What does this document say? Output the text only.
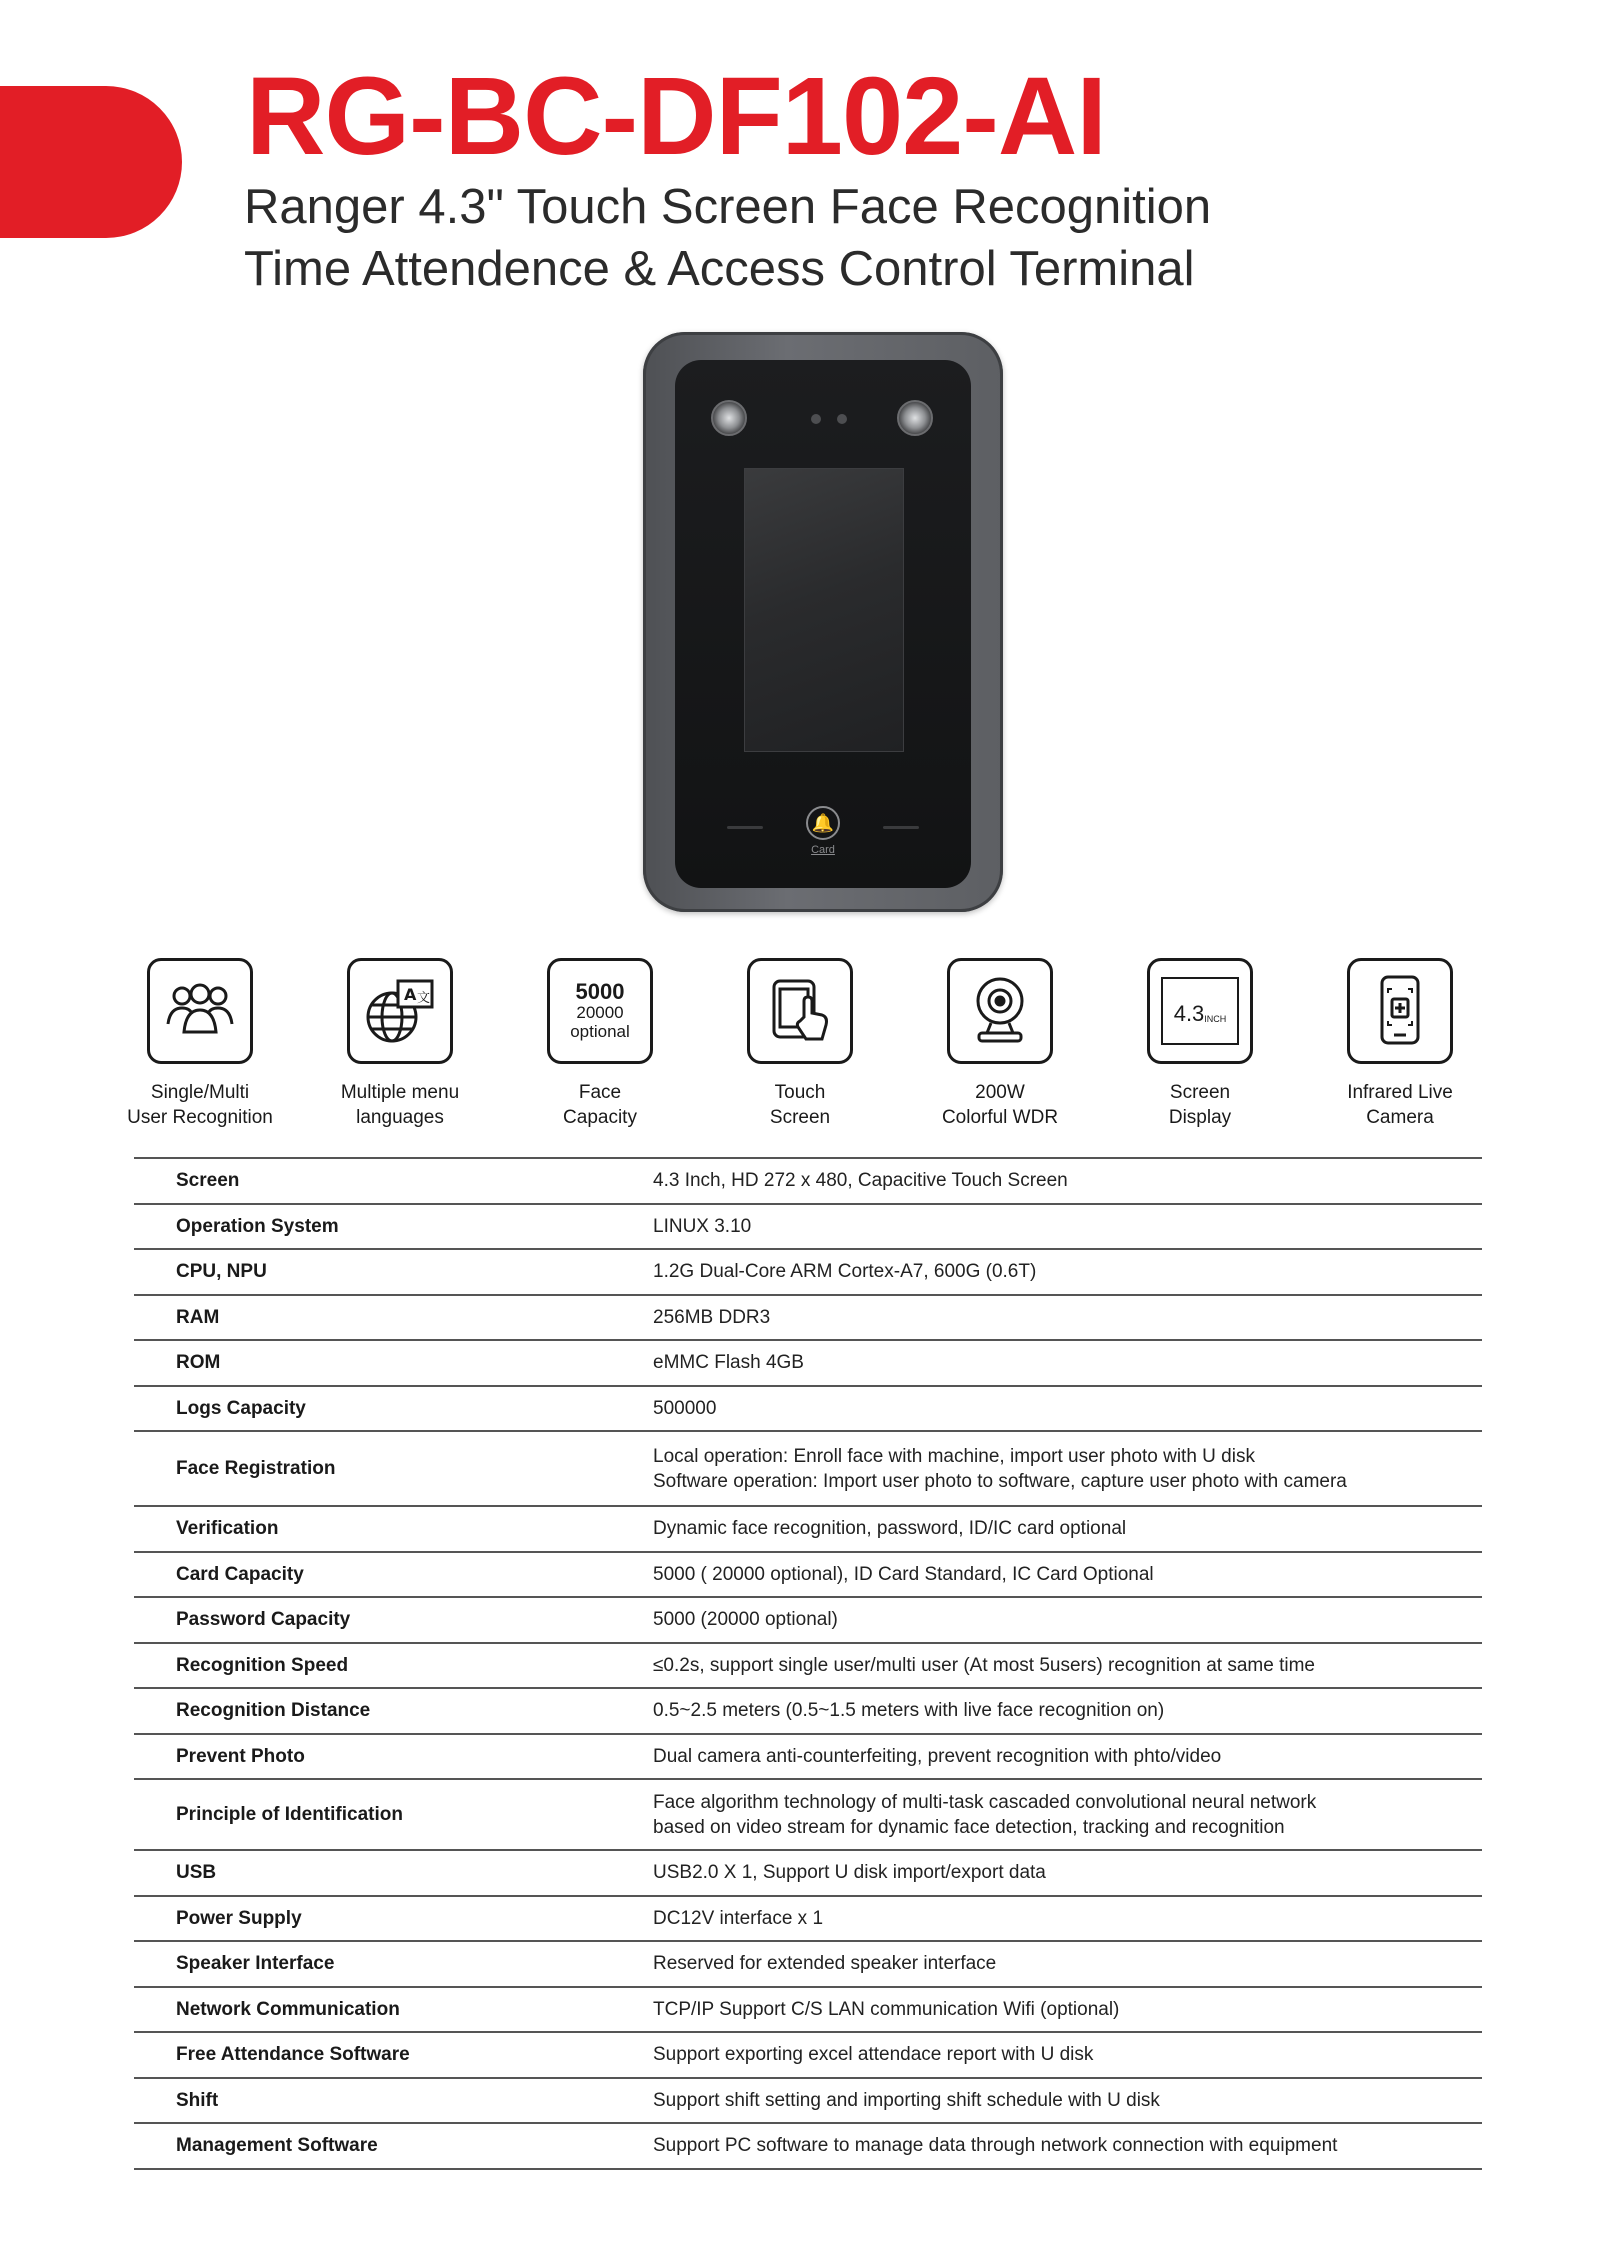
RG-BC-DF102-AI
Ranger 4.3" Touch Screen Face Recognition
Time Attendence & Access Control Terminal
🔔
Card
Single/Multi
User Recognition
A 文
Multiple menu
languages
5000
20000
optional
Face
Capacity
Touch
Screen
200W
Colorful WDR
4.3 INCH
Screen
Display
Infrared Live
Camera
Screen	4.3 Inch, HD 272 x 480, Capacitive Touch Screen
Operation System	LINUX 3.10
CPU, NPU	1.2G Dual-Core ARM Cortex-A7, 600G (0.6T)
RAM	256MB DDR3
ROM	eMMC Flash 4GB
Logs Capacity	500000
Face Registration	Local operation: Enroll face with machine, import user photo with U disk
Software operation: Import user photo to software, capture user photo with camera

Verification	Dynamic face recognition, password, ID/IC card optional
Card Capacity	5000 ( 20000 optional), ID Card Standard, IC Card Optional
Password Capacity	5000 (20000 optional)
Recognition Speed	≤0.2s, support single user/multi user (At most 5users) recognition at same time
Recognition Distance	0.5~2.5 meters (0.5~1.5 meters with live face recognition on)
Prevent Photo	Dual camera anti-counterfeiting, prevent recognition with phto/video
Principle of Identification	Face algorithm technology of multi-task cascaded convolutional neural network
based on video stream for dynamic face detection, tracking and recognition

USB	USB2.0 X 1, Support U disk import/export data
Power Supply	DC12V interface x 1
Speaker Interface	Reserved for extended speaker interface
Network Communication	TCP/IP Support C/S LAN communication Wifi (optional)
Free Attendance Software	Support exporting excel attendace report with U disk
Shift	Support shift setting and importing shift schedule with U disk
Management Software	Support PC software to manage data through network connection with equipment
